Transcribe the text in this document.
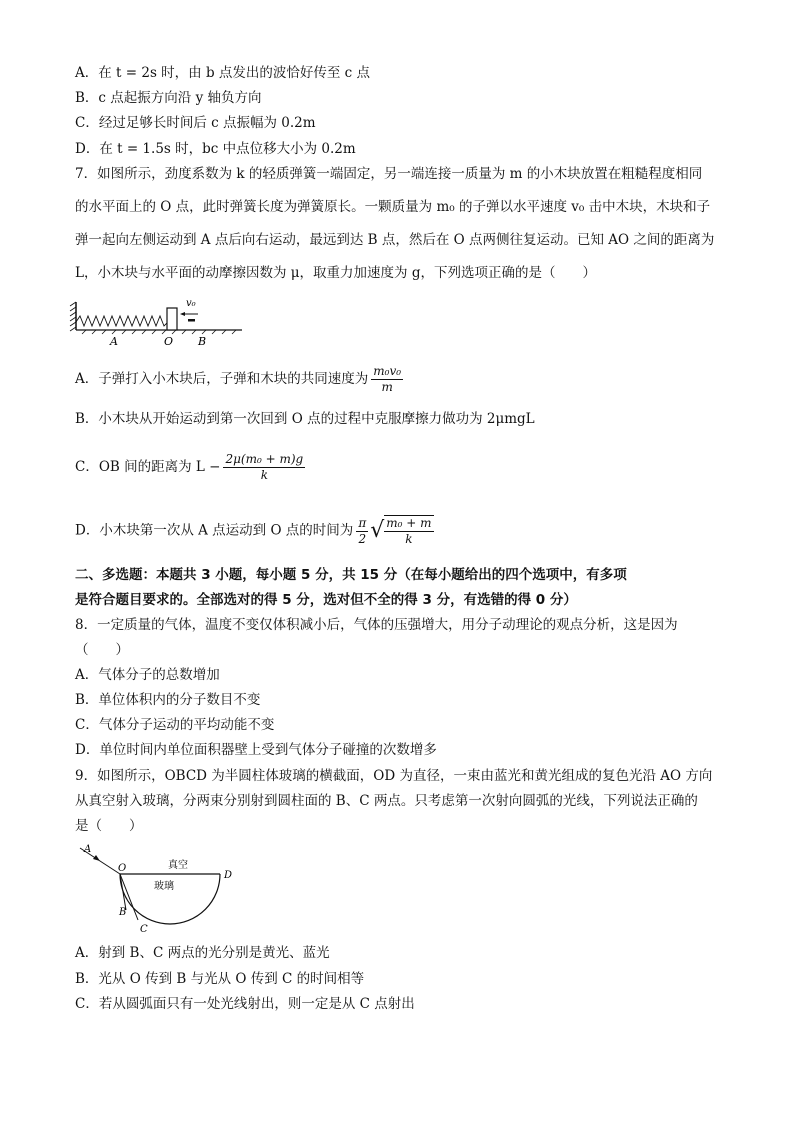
A．在 t = 2s 时，由 b 点发出的波恰好传至 c 点
B．c 点起振方向沿 y 轴负方向
C．经过足够长时间后 c 点振幅为 0.2m
D．在 t = 1.5s 时，bc 中点位移大小为 0.2m
7．如图所示，劲度系数为 k 的轻质弹簧一端固定，另一端连接一质量为 m 的小木块放置在粗糙程度相同
的水平面上的 O 点，此时弹簧长度为弹簧原长。一颗质量为 m₀ 的子弹以水平速度 v₀ 击中木块，木块和子
弹一起向左侧运动到 A 点后向右运动，最远到达 B 点，然后在 O 点两侧往复运动。已知 AO 之间的距离为
L，小木块与水平面的动摩擦因数为 μ，取重力加速度为 g，下列选项正确的是（　　）
v₀
A	O B
A．子弹打入小木块后，子弹和木块的共同速度为 $\frac{\text{m₀v₀}}{m}$
B．小木块从开始运动到第一次回到 O 点的过程中克服摩擦力做功为 2μmgL
C．OB 间的距离为 $L - \frac{\text{2μ(m₀ + m)g}}{k}$
D．小木块第一次从 A 点运动到 O 点的时间为 $\frac{\pi}{2}$ √ $\frac{\text{m₀ + m}}{k}$
二、多选题：本题共 3 小题，每小题 5 分，共 15 分（在每小题给出的四个选项中，有多项
是符合题目要求的。全部选对的得 5 分，选对但不全的得 3 分，有选错的得 0 分）
8．一定质量的气体，温度不变仅体积减小后，气体的压强增大，用分子动理论的观点分析，这是因为
（　　）
A．气体分子的总数增加
B．单位体积内的分子数目不变
C．气体分子运动的平均动能不变
D．单位时间内单位面积器壁上受到气体分子碰撞的次数增多
9．如图所示，OBCD 为半圆柱体玻璃的横截面，OD 为直径，一束由蓝光和黄光组成的复色光沿 AO 方向
从真空射入玻璃，分两束分别射到圆柱面的 B、C 两点。只考虑第一次射向圆弧的光线，下列说法正确的
是（　　）
A
O
D
B
C
真空
玻璃
A．射到 B、C 两点的光分别是黄光、蓝光
B．光从 O 传到 B 与光从 O 传到 C 的时间相等
C．若从圆弧面只有一处光线射出，则一定是从 C 点射出
